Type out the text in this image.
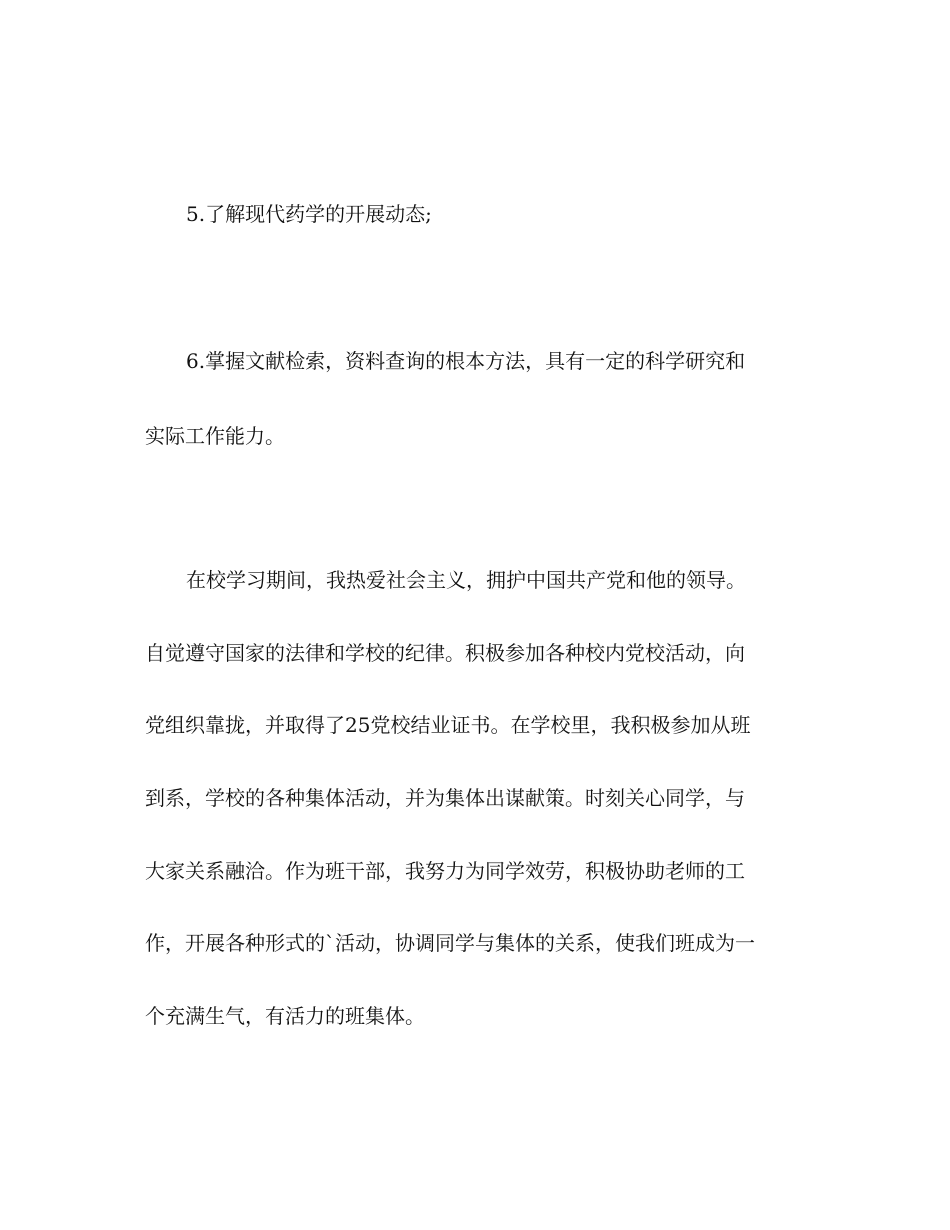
5.了解现代药学的开展动态;
6.掌握文献检索，资料查询的根本方法，具有一定的科学研究和
实际工作能力。
在校学习期间，我热爱社会主义，拥护中国共产党和他的领导。
自觉遵守国家的法律和学校的纪律。积极参加各种校内党校活动，向
党组织靠拢，并取得了25党校结业证书。在学校里，我积极参加从班
到系，学校的各种集体活动，并为集体出谋献策。时刻关心同学，与
大家关系融洽。作为班干部，我努力为同学效劳，积极协助老师的工
作，开展各种形式的`活动，协调同学与集体的关系，使我们班成为一
个充满生气，有活力的班集体。
